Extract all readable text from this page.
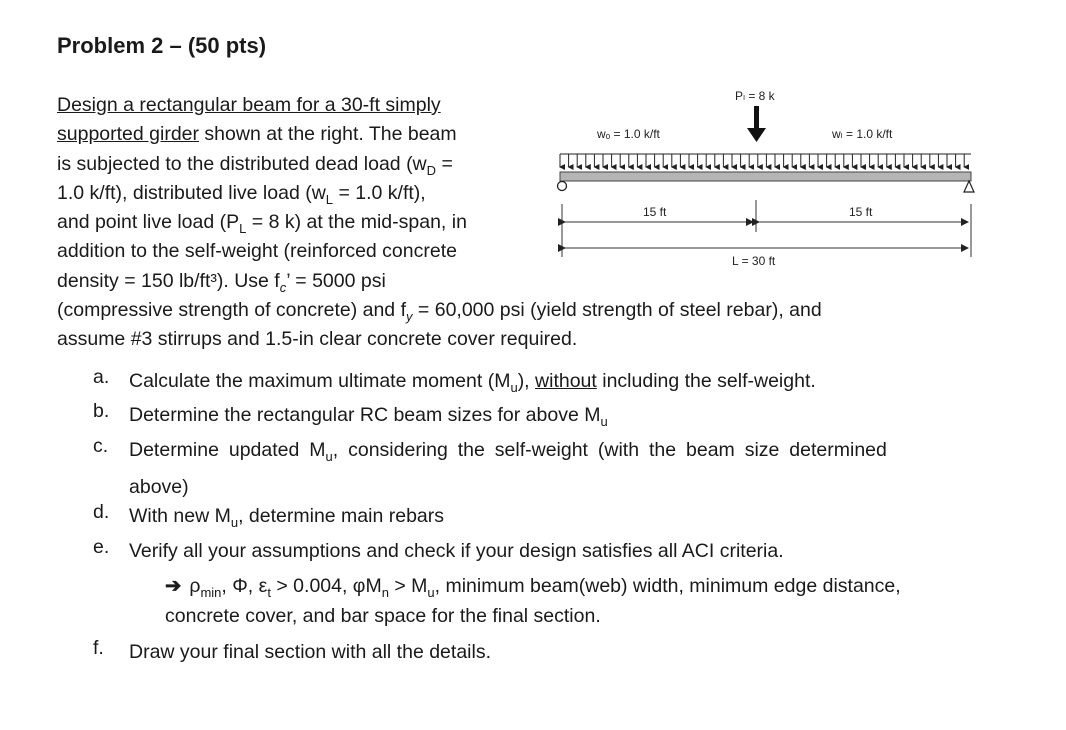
Problem 2 – (50 pts)
Design a rectangular beam for a 30-ft simply
supported girder shown at the right. The beam
is subjected to the distributed dead load ($w_D$ =
1.0 k/ft), distributed live load ($w_L = 1.0$ k/ft),
and point live load ($P_L = 8$ k) at the mid-span, in
addition to the self-weight (reinforced concrete
density = 150 lb/ft³). Use $f_c$’ = 5000 psi
(compressive strength of concrete) and $f_y = 60,000$ psi (yield strength of steel rebar), and
assume #3 stirrups and 1.5-in clear concrete cover required.
Pₗ = 8 k
wₒ = 1.0 k/ft	wₗ = 1.0 k/ft
15 ft	15 ft
L = 30 ft
a. Calculate the maximum ultimate moment $(M_u)$, without including the self-weight.
b. Determine the rectangular RC beam sizes for above $M_u$
c. Determine updated $M_u$, considering the self-weight (with the beam size determined
above)
d. With new $M_u$, determine main rebars
e. Verify all your assumptions and check if your design satisfies all ACI criteria.
➔ $\rho_{min}$, Φ, $\varepsilon_t > 0.004$, $\varphi M_n > M_u$, minimum beam(web) width, minimum edge distance,
concrete cover, and bar space for the final section.
f. Draw your final section with all the details.
